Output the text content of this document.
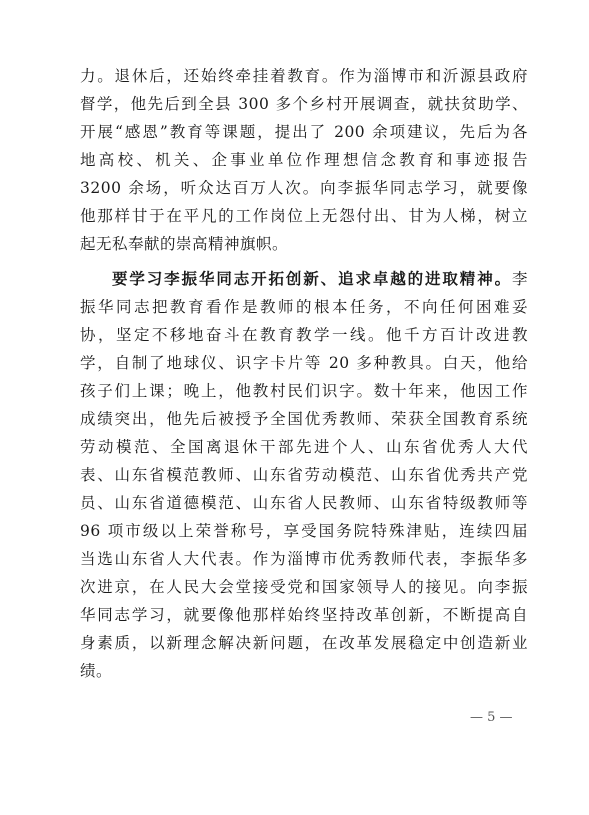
力。退休后，还始终牵挂着教育。作为淄博市和沂源县政府
督学，他先后到全县 300 多个乡村开展调查，就扶贫助学、
开展“感恩”教育等课题，提出了 200 余项建议，先后为各
地高校、机关、企事业单位作理想信念教育和事迹报告
3200 余场，听众达百万人次。向李振华同志学习，就要像
他那样甘于在平凡的工作岗位上无怨付出、甘为人梯，树立
起无私奉献的崇高精神旗帜。
要学习李振华同志开拓创新、追求卓越的进取精神。李
振华同志把教育看作是教师的根本任务，不向任何困难妥
协，坚定不移地奋斗在教育教学一线。他千方百计改进教
学，自制了地球仪、识字卡片等 20 多种教具。白天，他给
孩子们上课；晚上，他教村民们识字。数十年来，他因工作
成绩突出，他先后被授予全国优秀教师、荣获全国教育系统
劳动模范、全国离退休干部先进个人、山东省优秀人大代
表、山东省模范教师、山东省劳动模范、山东省优秀共产党
员、山东省道德模范、山东省人民教师、山东省特级教师等
96 项市级以上荣誉称号，享受国务院特殊津贴，连续四届
当选山东省人大代表。作为淄博市优秀教师代表，李振华多
次进京，在人民大会堂接受党和国家领导人的接见。向李振
华同志学习，就要像他那样始终坚持改革创新，不断提高自
身素质，以新理念解决新问题，在改革发展稳定中创造新业
绩。
— 5 —
